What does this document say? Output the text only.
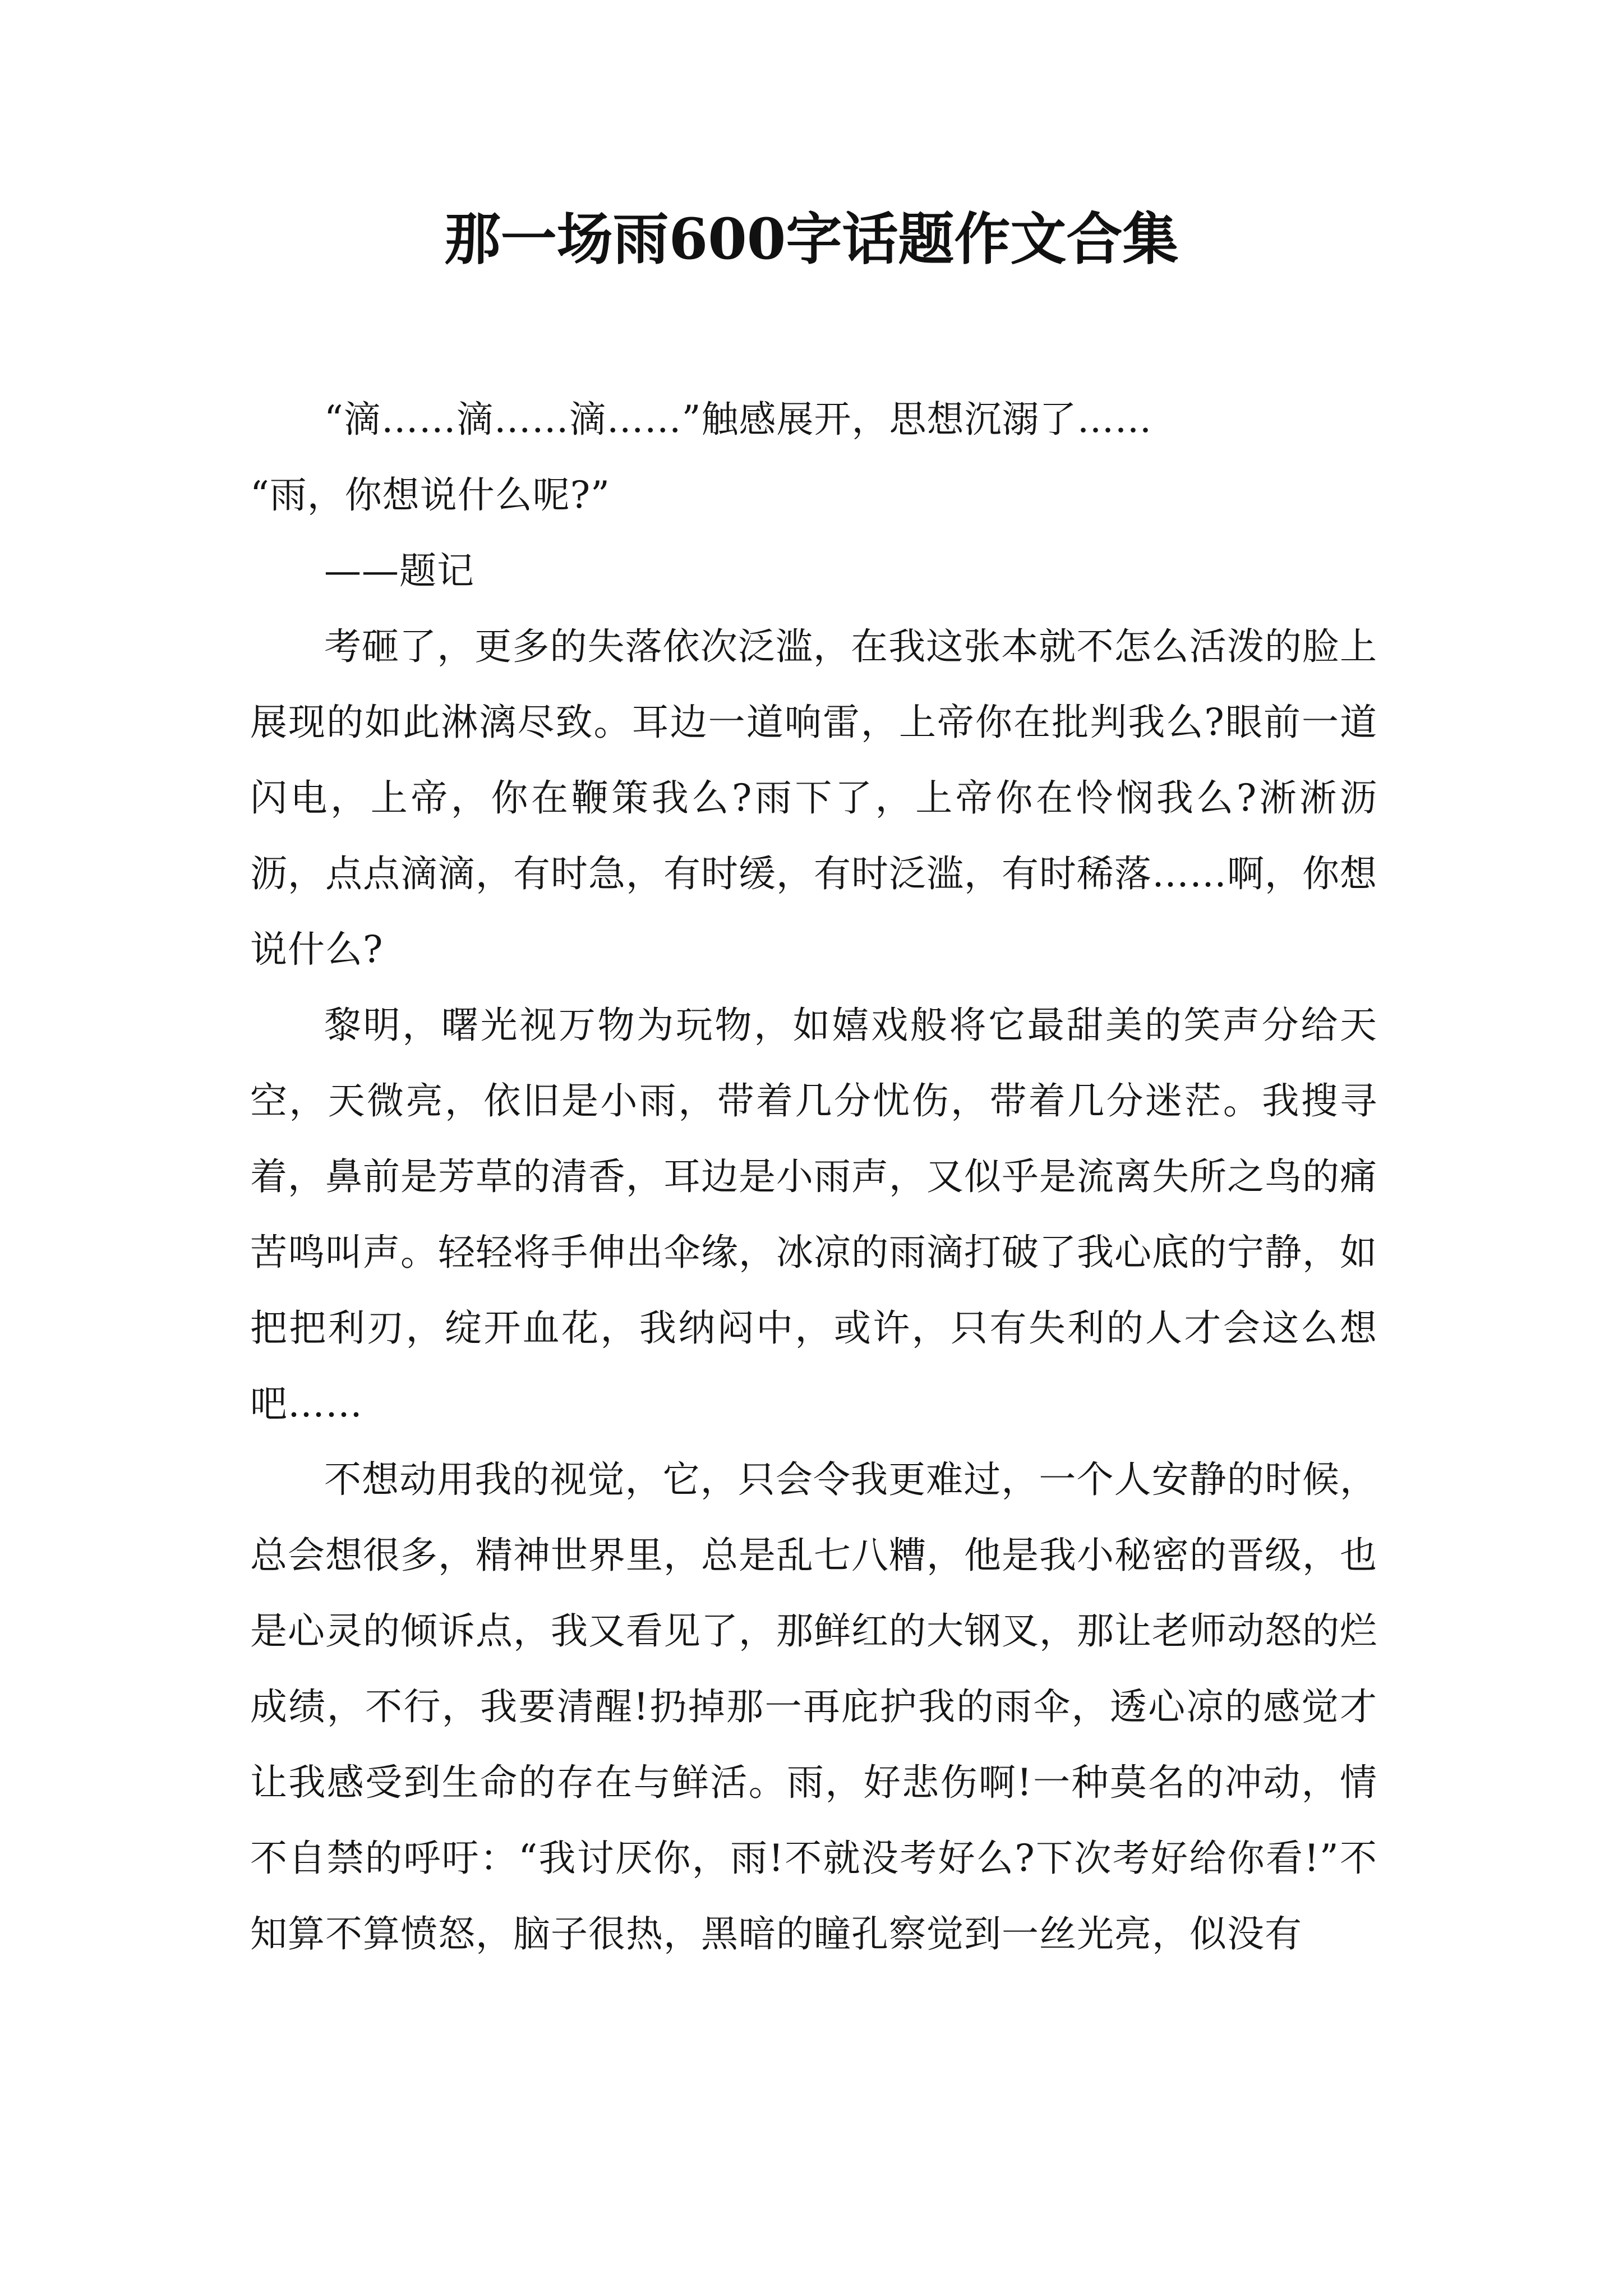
那一场雨600字话题作文合集

“滴……滴……滴……”触感展开，思想沉溺了……

“雨，你想说什么呢?”

——题记

考砸了，更多的失落依次泛滥，在我这张本就不怎么活泼的脸上展现的如此淋漓尽致。耳边一道响雷，上帝你在批判我么?眼前一道闪电，上帝，你在鞭策我么?雨下了，上帝你在怜悯我么?淅淅沥沥，点点滴滴，有时急，有时缓，有时泛滥，有时稀落……啊，你想说什么?

黎明，曙光视万物为玩物，如嬉戏般将它最甜美的笑声分给天空，天微亮，依旧是小雨，带着几分忧伤，带着几分迷茫。我搜寻着，鼻前是芳草的清香，耳边是小雨声，又似乎是流离失所之鸟的痛苦鸣叫声。轻轻将手伸出伞缘，冰凉的雨滴打破了我心底的宁静，如把把利刃，绽开血花，我纳闷中，或许，只有失利的人才会这么想吧……

不想动用我的视觉，它，只会令我更难过，一个人安静的时候，总会想很多，精神世界里，总是乱七八糟，他是我小秘密的晋级，也是心灵的倾诉点，我又看见了，那鲜红的大钢叉，那让老师动怒的烂成绩，不行，我要清醒!扔掉那一再庇护我的雨伞，透心凉的感觉才让我感受到生命的存在与鲜活。雨，好悲伤啊!一种莫名的冲动，情不自禁的呼吁：“我讨厌你，雨!不就没考好么?下次考好给你看!”不知算不算愤怒，脑子很热，黑暗的瞳孔察觉到一丝光亮，似没有
